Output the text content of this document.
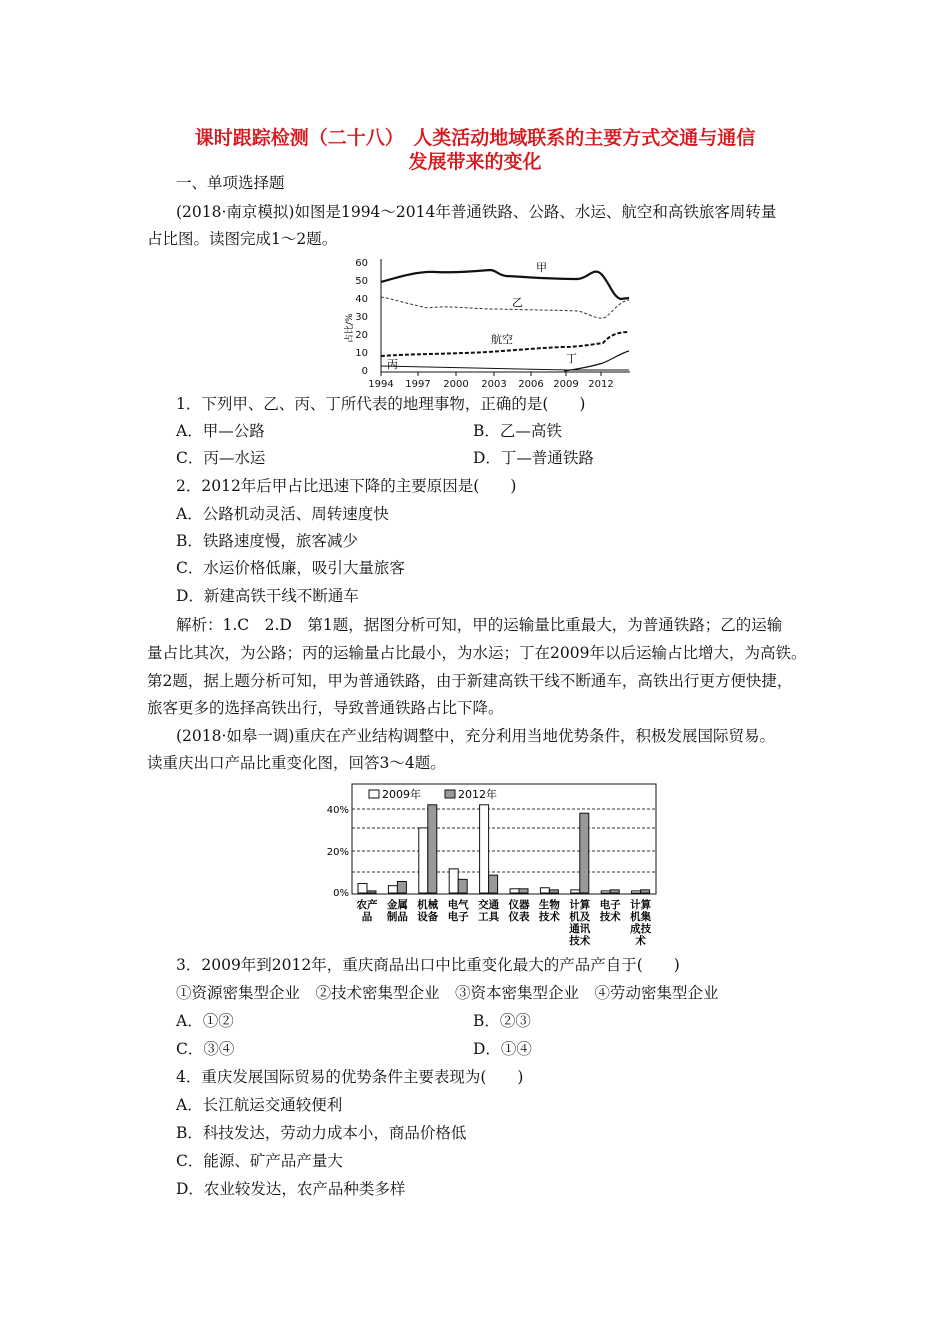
课时跟踪检测（二十八）　人类活动地域联系的主要方式交通与通信
发展带来的变化
一、单项选择题
(2018·南京模拟)如图是1994～2014年普通铁路、公路、水运、航空和高铁旅客周转量
占比图。读图完成1～2题。
60
50
40
30
20
10
0
占比/%
1994 1997 2000 2003 2006 2009 2012
甲
乙
航空
丙	丁
1．下列甲、乙、丙、丁所代表的地理事物，正确的是(　　)
A．甲—公路	B．乙—高铁
C．丙—水运	D．丁—普通铁路
2．2012年后甲占比迅速下降的主要原因是(　　)
A．公路机动灵活、周转速度快
B．铁路速度慢，旅客减少
C．水运价格低廉，吸引大量旅客
D．新建高铁干线不断通车
解析：1.C　2.D　第1题，据图分析可知，甲的运输量比重最大，为普通铁路；乙的运输
量占比其次，为公路；丙的运输量占比最小，为水运；丁在2009年以后运输占比增大，为高铁。
第2题，据上题分析可知，甲为普通铁路，由于新建高铁干线不断通车，高铁出行更方便快捷，
旅客更多的选择高铁出行，导致普通铁路占比下降。
(2018·如皋一调)重庆在产业结构调整中，充分利用当地优势条件，积极发展国际贸易。
读重庆出口产品比重变化图，回答3～4题。
2009年	2012年
40%
20%
0%
农产品
金属制品
机械设备
电气电子
交通工具
仪器仪表
生物技术
计算机及通讯技术
电子技术
计算机集成技术
3．2009年到2012年，重庆商品出口中比重变化最大的产品产自于(　　)
①资源密集型企业　②技术密集型企业　③资本密集型企业　④劳动密集型企业
A．①②	B．②③
C．③④	D．①④
4．重庆发展国际贸易的优势条件主要表现为(　　)
A．长江航运交通较便利
B．科技发达，劳动力成本小，商品价格低
C．能源、矿产品产量大
D．农业较发达，农产品种类多样
